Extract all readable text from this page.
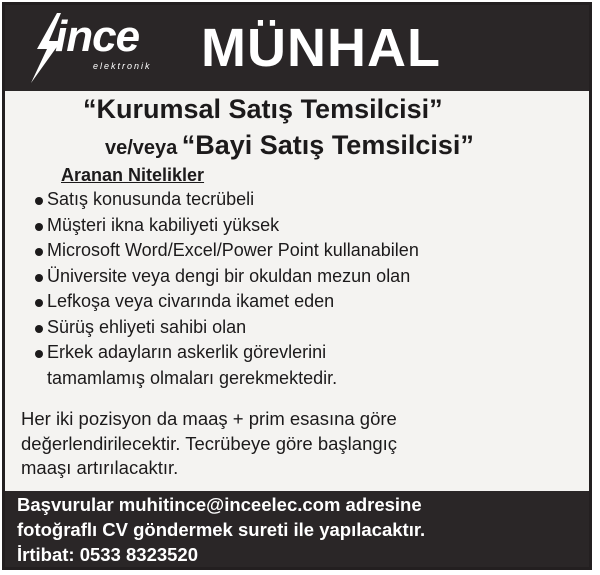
ince
elektronik MÜNHAL
“Kurumsal Satış Temsilcisi”
ve/veya “Bayi Satış Temsilcisi”
Aranan Nitelikler
Satış konusunda tecrübeli
Müşteri ikna kabiliyeti yüksek
Microsoft Word/Excel/Power Point kullanabilen
Üniversite veya dengi bir okuldan mezun olan
Lefkoşa veya civarında ikamet eden
Sürüş ehliyeti sahibi olan
Erkek adayların askerlik görevlerini
tamamlamış olmaları gerekmektedir.
Her iki pozisyon da maaş + prim esasına göre
değerlendirilecektir. Tecrübeye göre başlangıç
maaşı artırılacaktır.
Başvurular muhitince@inceelec.com adresine
fotoğraflı CV göndermek sureti ile yapılacaktır.
İrtibat: 0533 8323520
